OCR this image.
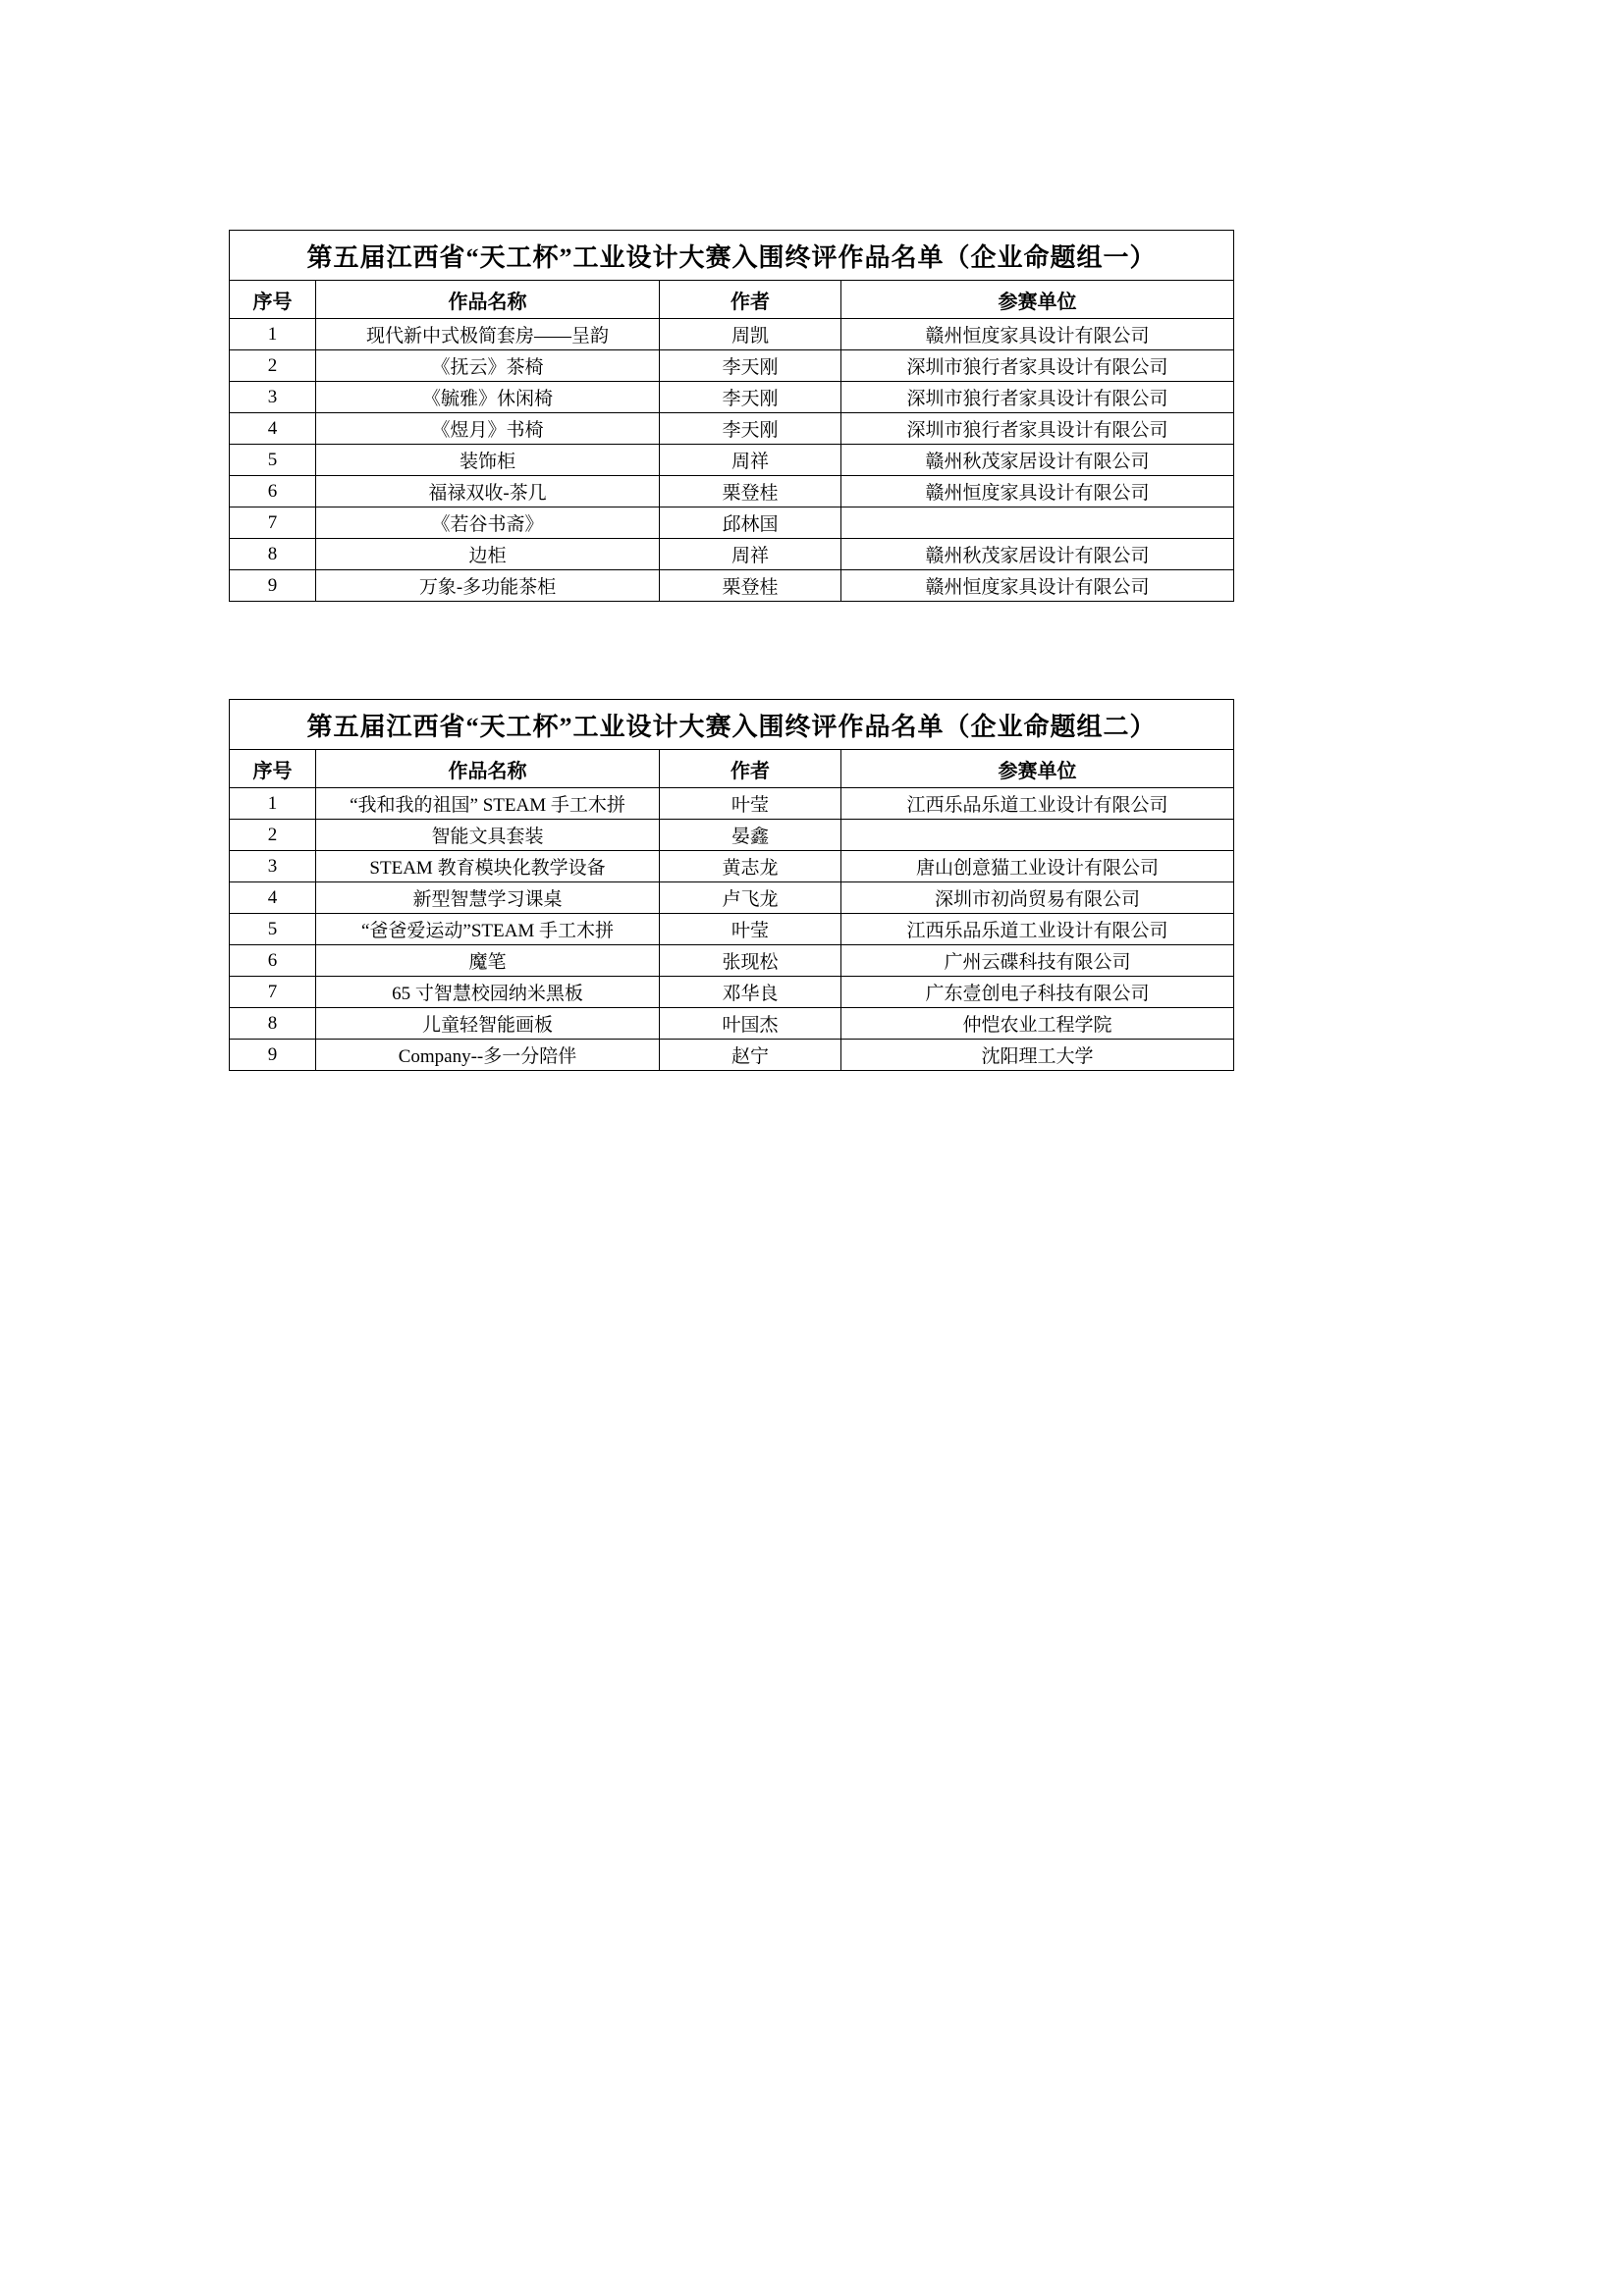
第五届江西省“天工杯”工业设计大赛入围终评作品名单（企业命题组一）			
序号	作品名称	作者	参赛单位
1	现代新中式极简套房——呈韵	周凯	赣州恒度家具设计有限公司
2	《抚云》茶椅	李天刚	深圳市狼行者家具设计有限公司
3	《毓雅》休闲椅	李天刚	深圳市狼行者家具设计有限公司
4	《煜月》书椅	李天刚	深圳市狼行者家具设计有限公司
5	装饰柜	周祥	赣州秋茂家居设计有限公司
6	福禄双收-茶几	栗登桂	赣州恒度家具设计有限公司
7	《若谷书斋》	邱林国	
8	边柜	周祥	赣州秋茂家居设计有限公司
9	万象-多功能茶柜	栗登桂	赣州恒度家具设计有限公司
第五届江西省“天工杯”工业设计大赛入围终评作品名单（企业命题组二）			
序号	作品名称	作者	参赛单位
1	“我和我的祖国” STEAM 手工木拼	叶莹	江西乐品乐道工业设计有限公司
2	智能文具套装	晏鑫	
3	STEAM 教育模块化教学设备	黄志龙	唐山创意猫工业设计有限公司
4	新型智慧学习课桌	卢飞龙	深圳市初尚贸易有限公司
5	“爸爸爱运动”STEAM 手工木拼	叶莹	江西乐品乐道工业设计有限公司
6	魔笔	张现松	广州云碟科技有限公司
7	65 寸智慧校园纳米黑板	邓华良	广东壹创电子科技有限公司
8	儿童轻智能画板	叶国杰	仲恺农业工程学院
9	Company--多一分陪伴	赵宁	沈阳理工大学
